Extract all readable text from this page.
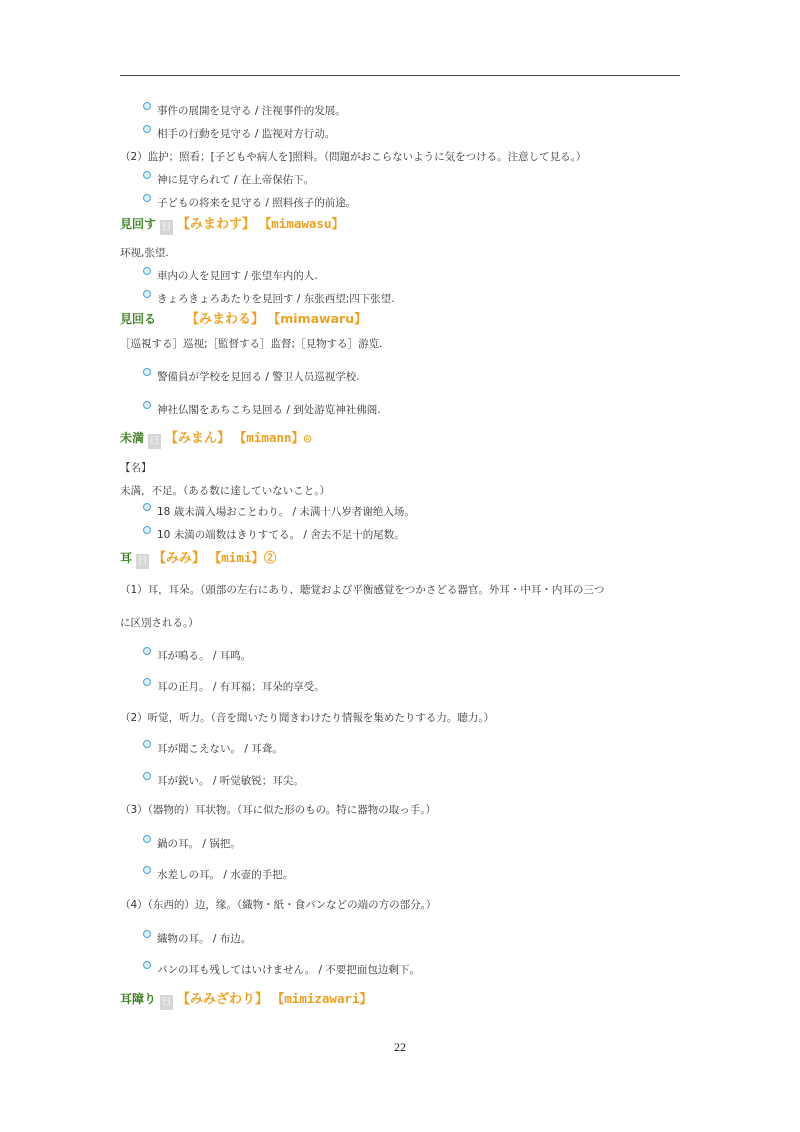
事件の展開を見守る / 注视事件的发展。
相手の行動を見守る / 监视对方行动。
（2）监护；照看；[子どもや病人を]照料。（問題がおこらないように気をつける。注意して見る。）
神に見守られて / 在上帝保佑下。
子どもの将来を見守る / 照料孩子的前途。
見回す 日 【みまわす】 【mimawasu】
环视,张望.
車内の人を見回す / 张望车内的人.
きょろきょろあたりを見回す / 东张西望;四下张望.
見回る 【みまわる】 【mimawaru】
［巡視する］巡视;［監督する］监督;［見物する］游览.
警備員が学校を見回る / 警卫人员巡视学校.
神社仏閣をあちこち見回る / 到处游览神社佛阁.
未満 日 【みまん】 【mimann】◎
【名】
未满，不足。（ある数に達していないこと。）
18 歳未満入場おことわり。 / 未满十八岁者谢绝入场。
10 未満の端数はきりすてる。 / 舍去不足十的尾数。
耳 日 【みみ】 【mimi】②
（1）耳，耳朵。（頭部の左右にあり、聴覚および平衡感覚をつかさどる器官。外耳・中耳・内耳の三つ
に区別される。）
耳が鳴る。 / 耳鸣。
耳の正月。 / 有耳福；耳朵的享受。
（2）听觉，听力。（音を聞いたり聞きわけたり情報を集めたりする力。聴力。）
耳が聞こえない。 / 耳聋。
耳が鋭い。 / 听觉敏锐；耳尖。
（3）（器物的）耳状物。（耳に似た形のもの。特に器物の取っ手。）
鍋の耳。 / 锅把。
水差しの耳。 / 水壶的手把。
（4）（东西的）边，缘。（織物・紙・食パンなどの端の方の部分。）
織物の耳。 / 布边。
パンの耳も残してはいけません。 / 不要把面包边剩下。
耳障り 日 【みみざわり】 【mimizawari】
22
